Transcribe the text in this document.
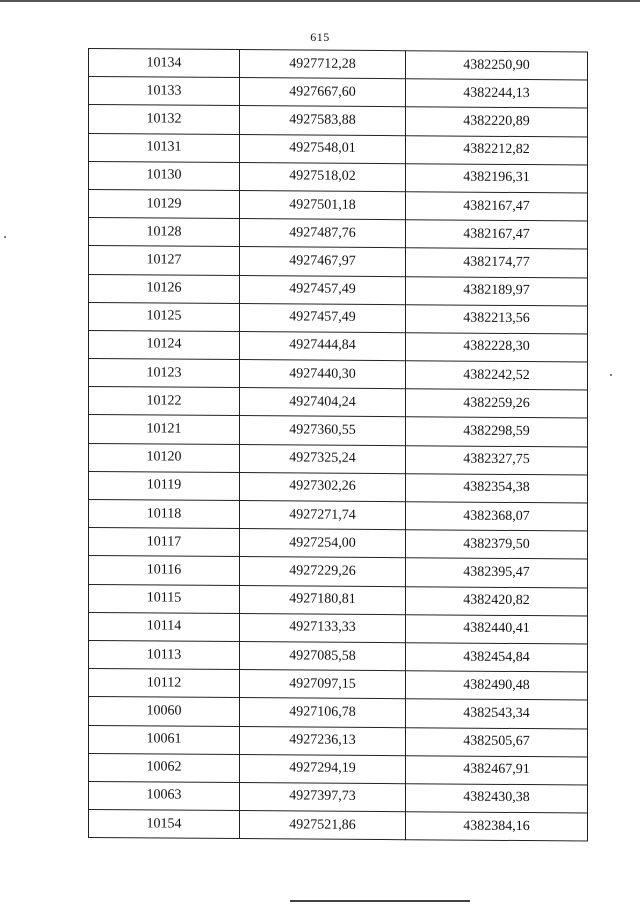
615
10134	4927712,28	4382250,90
10133	4927667,60	4382244,13
10132	4927583,88	4382220,89
10131	4927548,01	4382212,82
10130	4927518,02	4382196,31
10129	4927501,18	4382167,47
10128	4927487,76	4382167,47
10127	4927467,97	4382174,77
10126	4927457,49	4382189,97
10125	4927457,49	4382213,56
10124	4927444,84	4382228,30
10123	4927440,30	4382242,52
10122	4927404,24	4382259,26
10121	4927360,55	4382298,59
10120	4927325,24	4382327,75
10119	4927302,26	4382354,38
10118	4927271,74	4382368,07
10117	4927254,00	4382379,50
10116	4927229,26	4382395,47
10115	4927180,81	4382420,82
10114	4927133,33	4382440,41
10113	4927085,58	4382454,84
10112	4927097,15	4382490,48
10060	4927106,78	4382543,34
10061	4927236,13	4382505,67
10062	4927294,19	4382467,91
10063	4927397,73	4382430,38
10154	4927521,86	4382384,16
